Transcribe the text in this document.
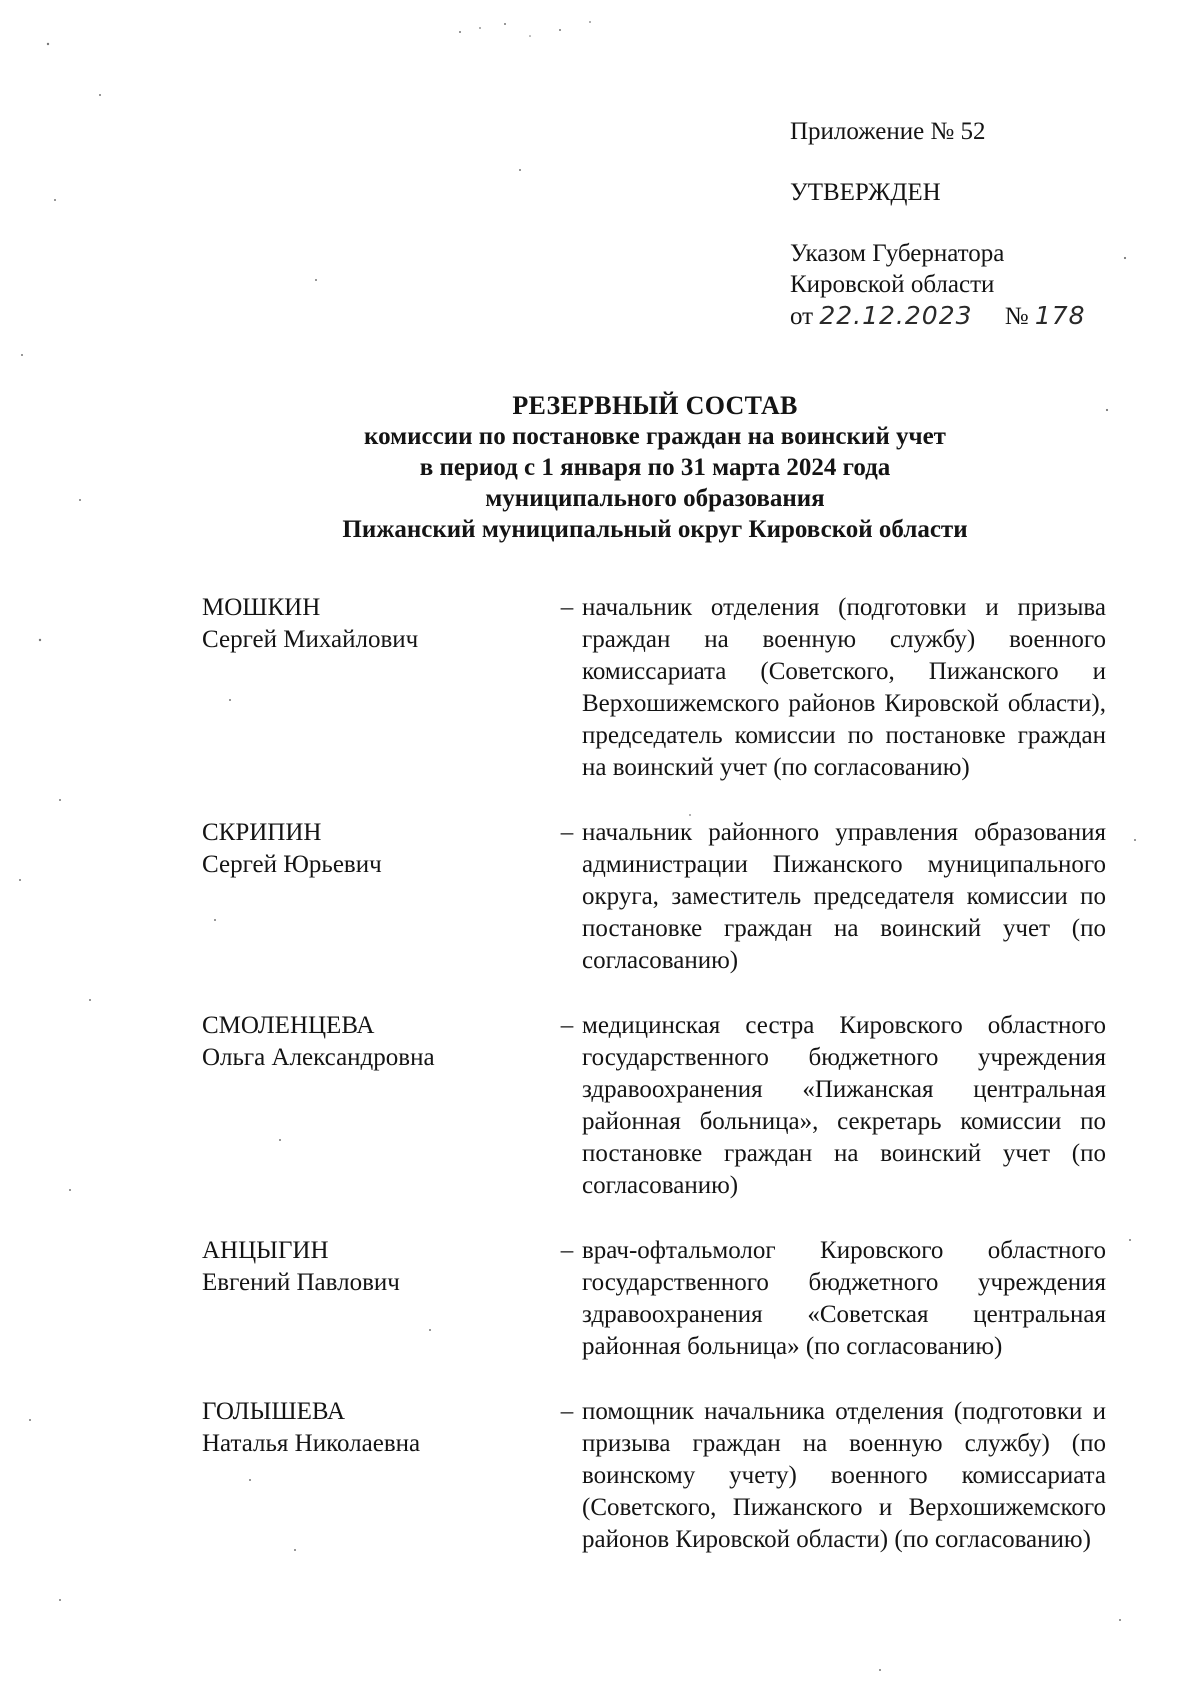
Приложение № 52
УТВЕРЖДЕН
Указом Губернатора
Кировской области
от 22.12.2023 № 178
РЕЗЕРВНЫЙ СОСТАВ
комиссии по постановке граждан на воинский учет
в период с 1 января по 31 марта 2024 года
муниципального образования
Пижанский муниципальный округ Кировской области
МОШКИН
Сергей Михайлович
– начальник отделения (подготовки и призыва граждан на военную службу) военного комиссариата (Советского, Пижанского и Верхошижемского районов Кировской области), председатель комиссии по постановке граждан на воинский учет (по согласованию)
СКРИПИН
Сергей Юрьевич
– начальник районного управления образования администрации Пижанского муниципального округа, заместитель председателя комиссии по постановке граждан на воинский учет (по согласованию)
СМОЛЕНЦЕВА
Ольга Александровна
– медицинская сестра Кировского областного государственного бюджетного учреждения здравоохранения «Пижанская центральная районная больница», секретарь комиссии по постановке граждан на воинский учет (по согласованию)
АНЦЫГИН
Евгений Павлович
– врач-офтальмолог Кировского областного государственного бюджетного учреждения здравоохранения «Советская центральная районная больница» (по согласованию)
ГОЛЫШЕВА
Наталья Николаевна
– помощник начальника отделения (подготовки и призыва граждан на военную службу) (по воинскому учету) военного комиссариата (Советского, Пижанского и Верхошижемского районов Кировской области) (по согласованию)
